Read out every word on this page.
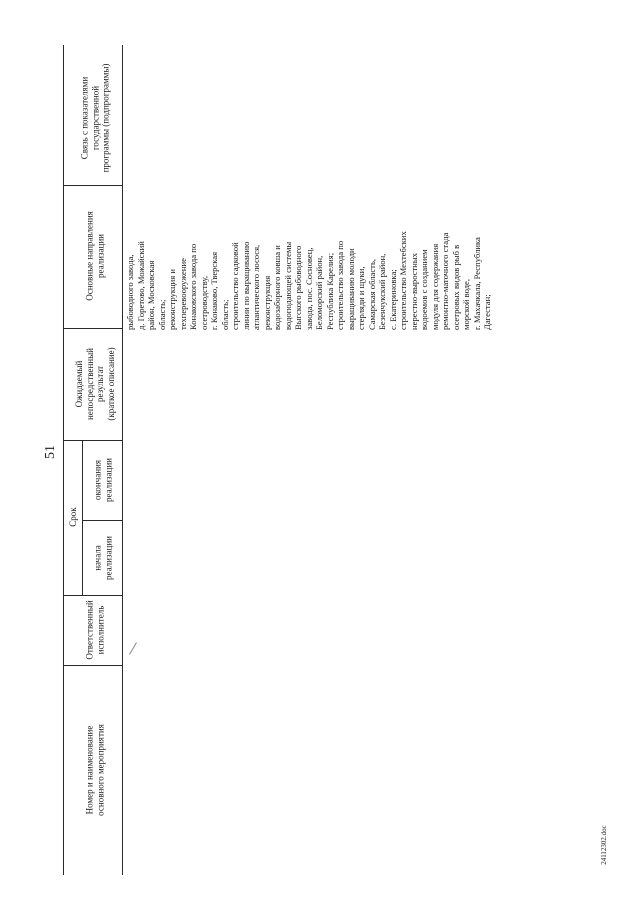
51
Связь с показателями государственной программы (подпрограммы)
Основные направления реализации
Ожидаемый непосредственный результат (краткое описание)
Срок
окончания реализации
начала реализации
Ответственный исполнитель
Номер и наименование основного мероприятия
рыбоводного завода, д. Горетово, Можайский район, Московская область; реконструкция и техперевооружение Конаковского завода по осетроводству, г. Конаково, Тверская область; строительство садковой линии по выращиванию атлантического лосося, реконструкция водозаборного ковша и водоподающей системы Выгского рыбоводного завода, пос. Сосновец, Беломорский район, Республика Карелия; строительство завода по выращиванию молоди стерляди и щуки, Самарская область, Безенчукский район, с. Екатериновка; строительство Мехтебских нерестно-выростных водоемов с созданием модуля для содержания ремонтно-маточного стада осетровых видов рыб в морской воде, г. Махачкала, Республика Дагестан;
24112302.doc
